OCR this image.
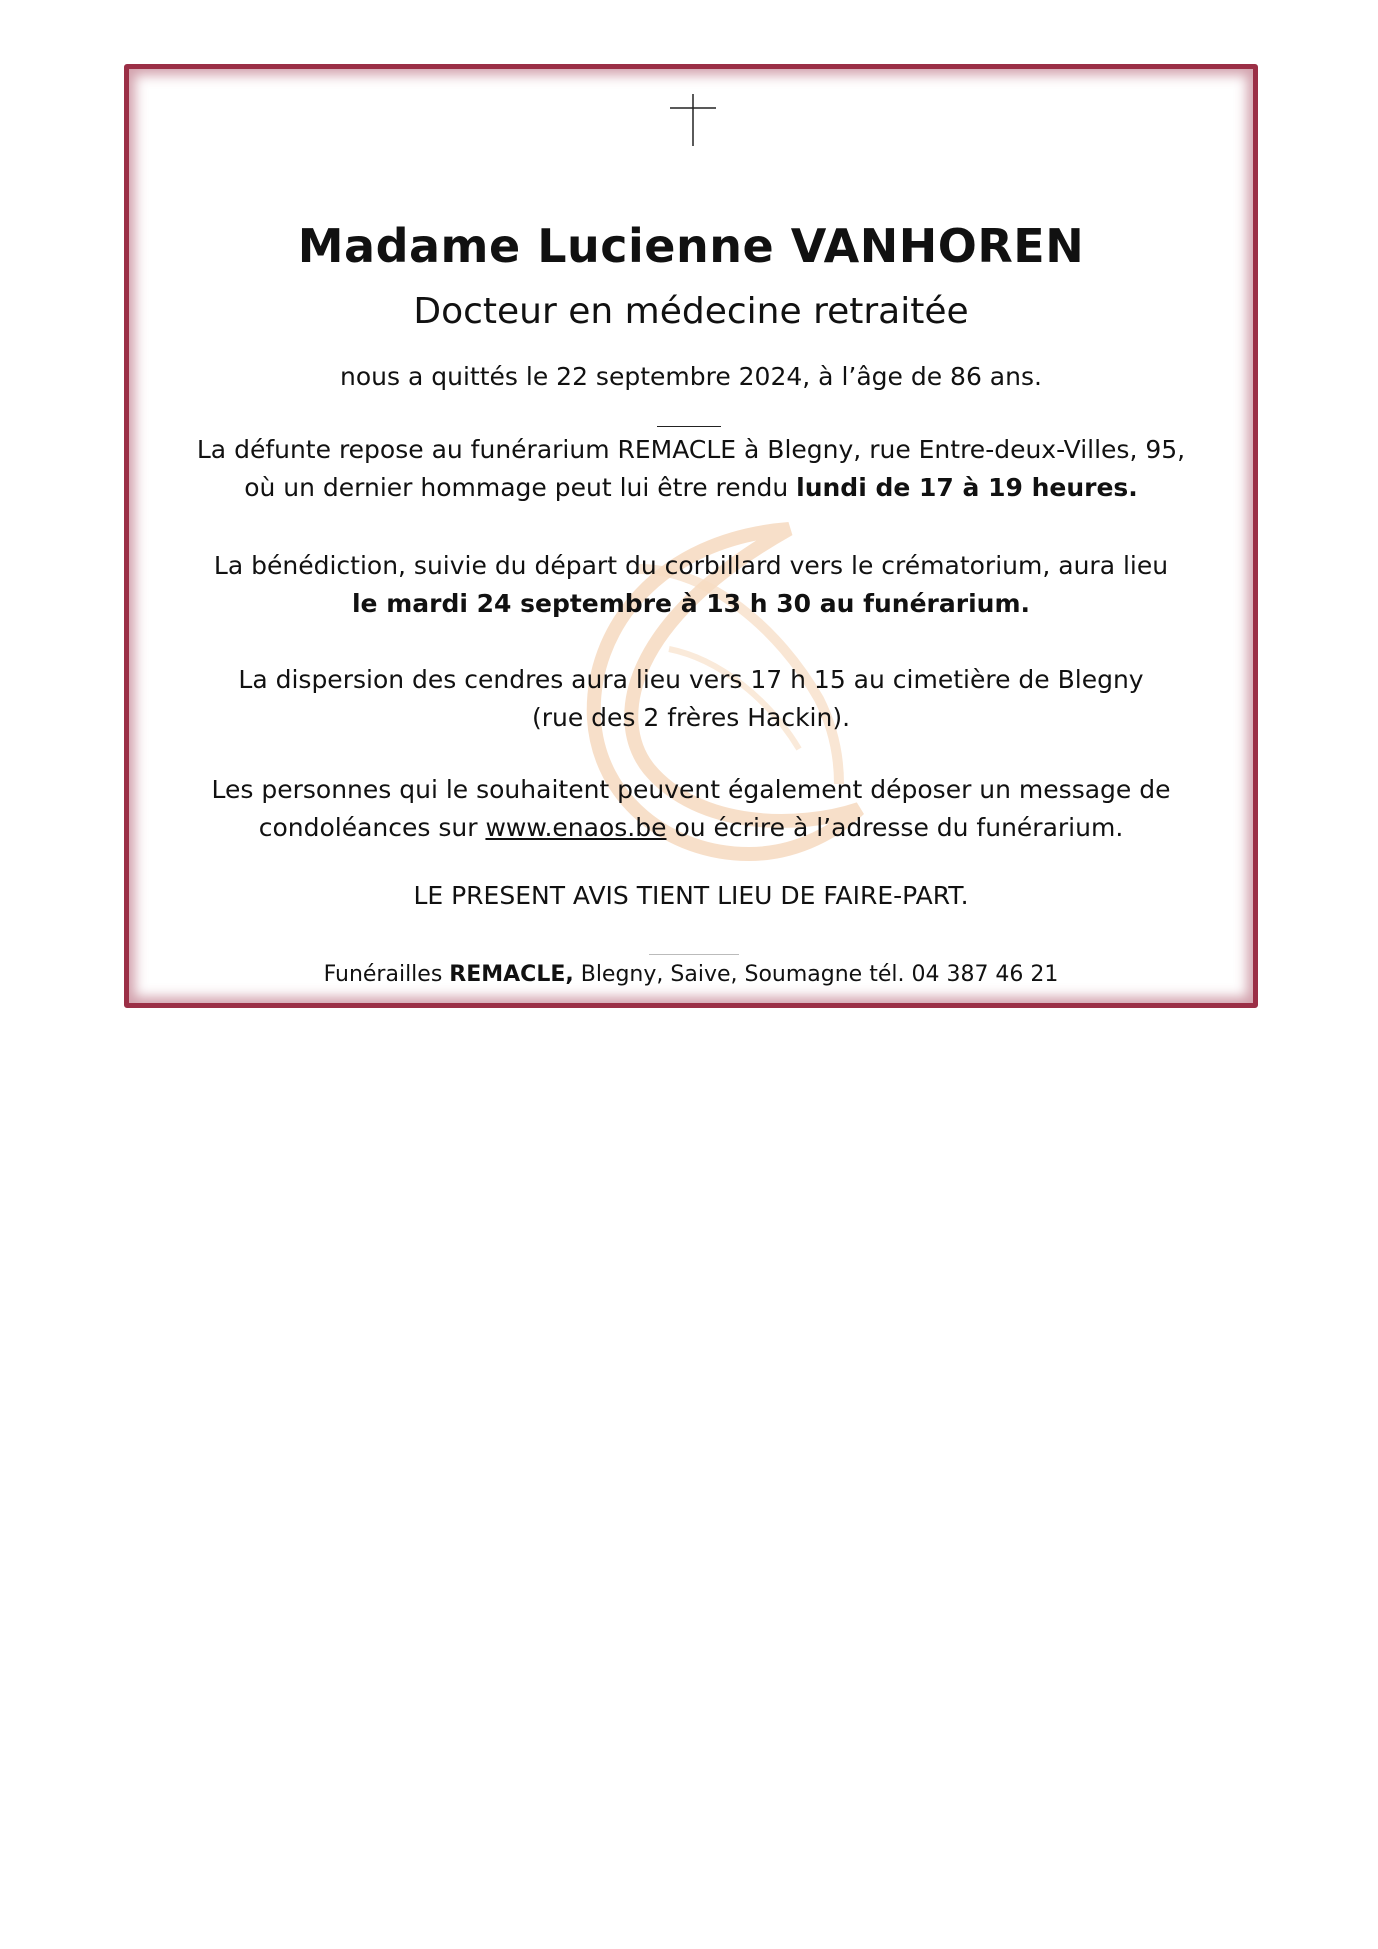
Madame Lucienne VANHOREN
Docteur en médecine retraitée
nous a quittés le 22 septembre 2024, à l’âge de 86 ans.
La défunte repose au funérarium REMACLE à Blegny, rue Entre-deux-Villes, 95,
où un dernier hommage peut lui être rendu lundi de 17 à 19 heures.
La bénédiction, suivie du départ du corbillard vers le crématorium, aura lieu
le mardi 24 septembre à 13 h 30 au funérarium.
La dispersion des cendres aura lieu vers 17 h 15 au cimetière de Blegny
(rue des 2 frères Hackin).
Les personnes qui le souhaitent peuvent également déposer un message de
condoléances sur www.enaos.be ou écrire à l’adresse du funérarium.
LE PRESENT AVIS TIENT LIEU DE FAIRE-PART.
Funérailles REMACLE, Blegny, Saive, Soumagne tél. 04 387 46 21
